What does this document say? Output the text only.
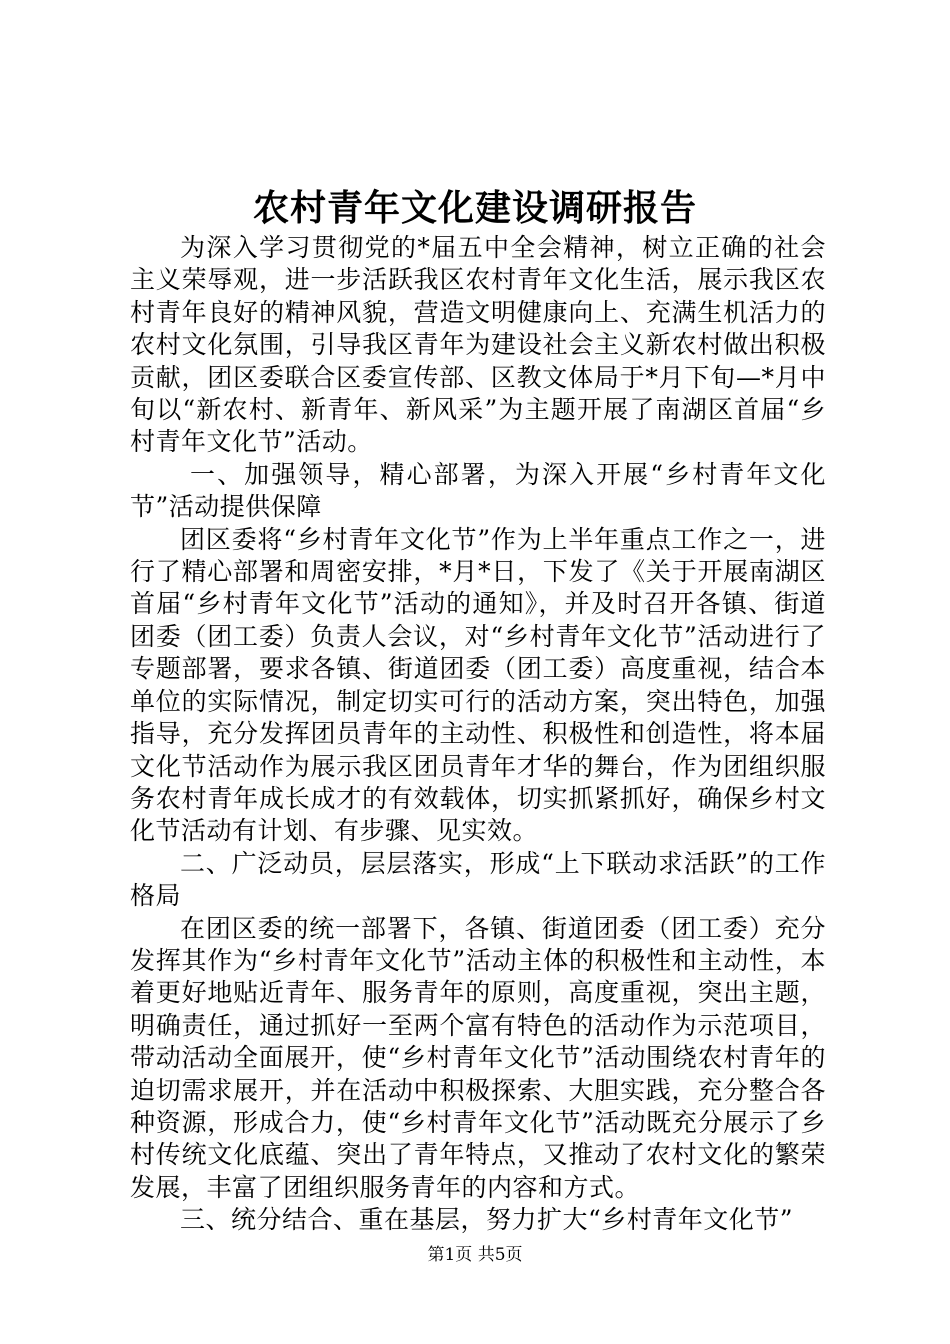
农村青年文化建设调研报告

为深入学习贯彻党的*届五中全会精神，树立正确的社会主义荣辱观，进一步活跃我区农村青年文化生活，展示我区农村青年良好的精神风貌，营造文明健康向上、充满生机活力的农村文化氛围，引导我区青年为建设社会主义新农村做出积极贡献，团区委联合区委宣传部、区教文体局于*月下旬—*月中旬以“新农村、新青年、新风采”为主题开展了南湖区首届“乡村青年文化节”活动。

一、加强领导，精心部署，为深入开展“乡村青年文化节”活动提供保障

团区委将“乡村青年文化节”作为上半年重点工作之一，进行了精心部署和周密安排，*月*日，下发了《关于开展南湖区首届“乡村青年文化节”活动的通知》，并及时召开各镇、街道团委（团工委）负责人会议，对“乡村青年文化节”活动进行了专题部署，要求各镇、街道团委（团工委）高度重视，结合本单位的实际情况，制定切实可行的活动方案，突出特色，加强指导，充分发挥团员青年的主动性、积极性和创造性，将本届文化节活动作为展示我区团员青年才华的舞台，作为团组织服务农村青年成长成才的有效载体，切实抓紧抓好，确保乡村文化节活动有计划、有步骤、见实效。

二、广泛动员，层层落实，形成“上下联动求活跃”的工作格局

在团区委的统一部署下，各镇、街道团委（团工委）充分发挥其作为“乡村青年文化节”活动主体的积极性和主动性，本着更好地贴近青年、服务青年的原则，高度重视，突出主题，明确责任，通过抓好一至两个富有特色的活动作为示范项目，带动活动全面展开，使“乡村青年文化节”活动围绕农村青年的迫切需求展开，并在活动中积极探索、大胆实践，充分整合各种资源，形成合力，使“乡村青年文化节”活动既充分展示了乡村传统文化底蕴、突出了青年特点，又推动了农村文化的繁荣发展，丰富了团组织服务青年的内容和方式。

三、统分结合、重在基层，努力扩大“乡村青年文化节”

第1页 共5页
